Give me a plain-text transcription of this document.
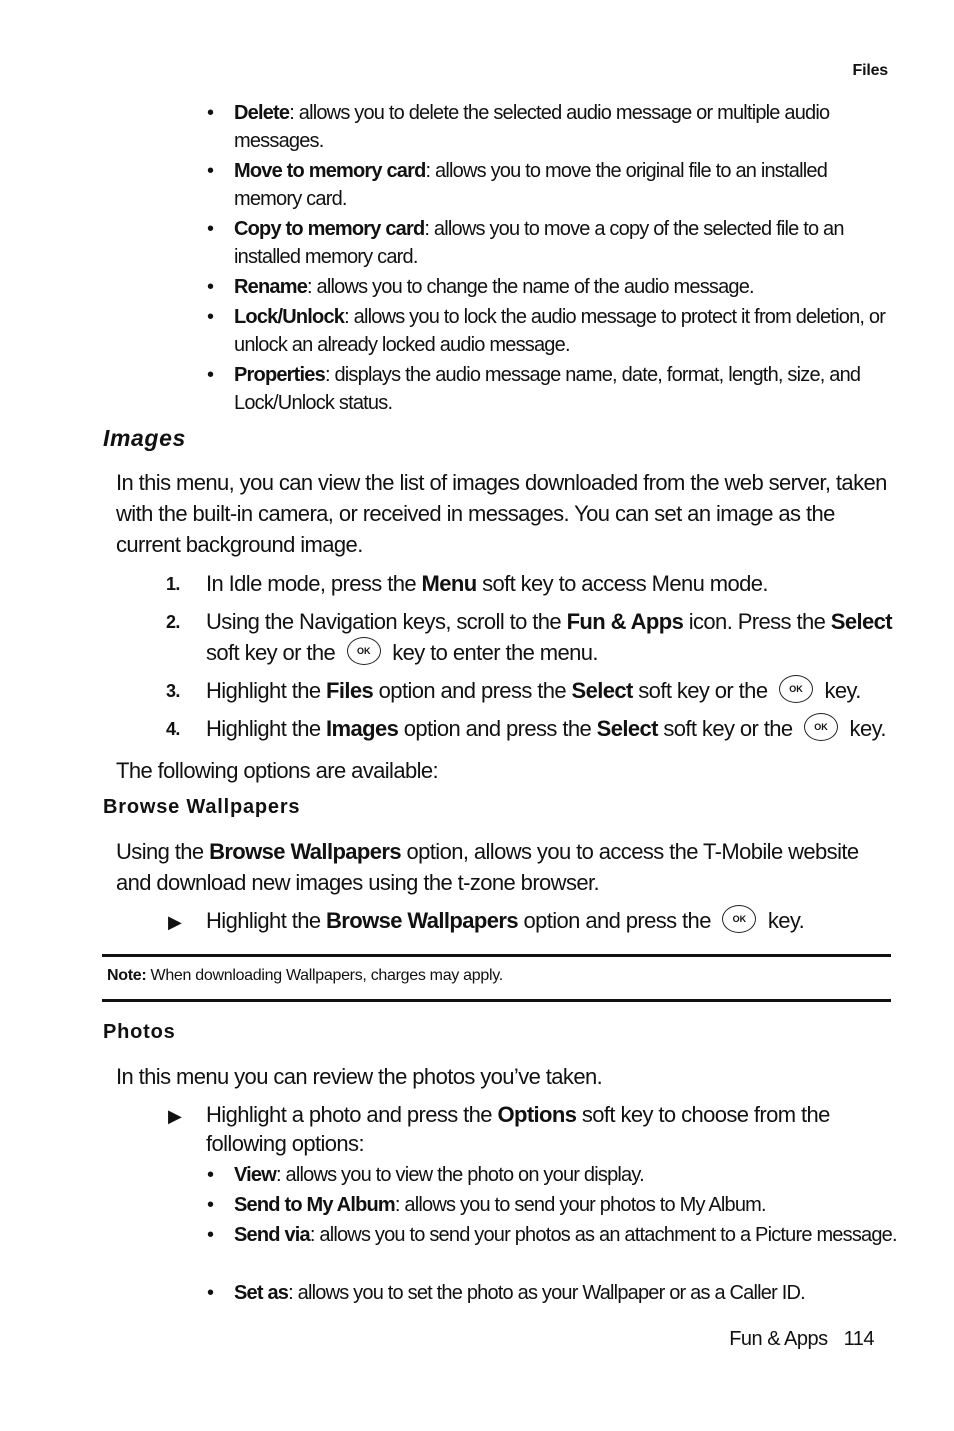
Files
• Delete: allows you to delete the selected audio message or multiple audio messages.
• Move to memory card: allows you to move the original file to an installed memory card.
• Copy to memory card: allows you to move a copy of the selected file to an installed memory card.
• Rename: allows you to change the name of the audio message.
• Lock/Unlock: allows you to lock the audio message to protect it from deletion, or unlock an already locked audio message.
• Properties: displays the audio message name, date, format, length, size, and Lock/Unlock status.
Images
In this menu, you can view the list of images downloaded from the web server, taken with the built-in camera, or received in messages. You can set an image as the current background image.
1. In Idle mode, press the Menu soft key to access Menu mode.
2. Using the Navigation keys, scroll to the Fun & Apps icon. Press the Select soft key or the OK key to enter the menu.
3. Highlight the Files option and press the Select soft key or the OK key.
4. Highlight the Images option and press the Select soft key or the OK key.
The following options are available:
Browse Wallpapers
Using the Browse Wallpapers option, allows you to access the T-Mobile website and download new images using the t-zone browser.
▶ Highlight the Browse Wallpapers option and press the OK key.
Note: When downloading Wallpapers, charges may apply.
Photos
In this menu you can review the photos you’ve taken.
▶ Highlight a photo and press the Options soft key to choose from the following options:
• View: allows you to view the photo on your display.
• Send to My Album: allows you to send your photos to My Album.
• Send via: allows you to send your photos as an attachment to a Picture message.
• Set as: allows you to set the photo as your Wallpaper or as a Caller ID.
Fun & Apps 114
